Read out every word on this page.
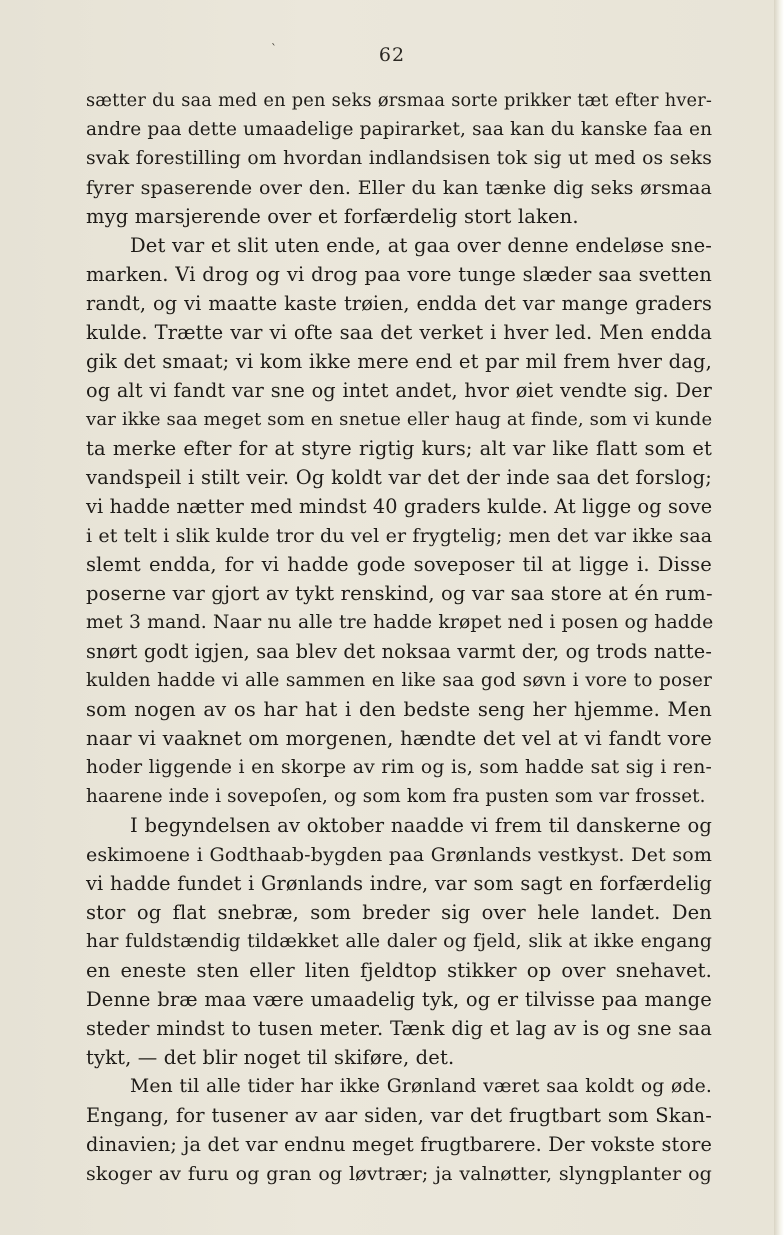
`	62
sætter du saa med en pen seks ørsmaa sorte prikker tæt efter hver-
andre paa dette umaadelige papirarket, saa kan du kanske faa en
svak forestilling om hvordan indlandsisen tok sig ut med os seks
fyrer spaserende over den. Eller du kan tænke dig seks ørsmaa
myg marsjerende over et forfærdelig stort laken.
Det var et slit uten ende, at gaa over denne endeløse sne-
marken. Vi drog og vi drog paa vore tunge slæder saa svetten
randt, og vi maatte kaste trøien, endda det var mange graders
kulde. Trætte var vi ofte saa det verket i hver led. Men endda
gik det smaat; vi kom ikke mere end et par mil frem hver dag,
og alt vi fandt var sne og intet andet, hvor øiet vendte sig. Der
var ikke saa meget som en snetue eller haug at finde, som vi kunde
ta merke efter for at styre rigtig kurs; alt var like flatt som et
vandspeil i stilt veir. Og koldt var det der inde saa det forslog;
vi hadde nætter med mindst 40 graders kulde. At ligge og sove
i et telt i slik kulde tror du vel er frygtelig; men det var ikke saa
slemt endda, for vi hadde gode soveposer til at ligge i. Disse
poserne var gjort av tykt renskind, og var saa store at én rum-
met 3 mand. Naar nu alle tre hadde krøpet ned i posen og hadde
snørt godt igjen, saa blev det noksaa varmt der, og trods natte-
kulden hadde vi alle sammen en like saa god søvn i vore to poser
som nogen av os har hat i den bedste seng her hjemme. Men
naar vi vaaknet om morgenen, hændte det vel at vi fandt vore
hoder liggende i en skorpe av rim og is, som hadde sat sig i ren-
haarene inde i sovepoſen, og som kom fra pusten som var frosset.
I begyndelsen av oktober naadde vi frem til danskerne og
eskimoene i Godthaab-bygden paa Grønlands vestkyst. Det som
vi hadde fundet i Grønlands indre, var som sagt en forfærdelig
stor og flat snebræ, som breder sig over hele landet. Den
har fuldstændig tildækket alle daler og fjeld, slik at ikke engang
en eneste sten eller liten fjeldtop stikker op over snehavet.
Denne bræ maa være umaadelig tyk, og er tilvisse paa mange
steder mindst to tusen meter. Tænk dig et lag av is og sne saa
tykt, — det blir noget til skiføre, det.
Men til alle tider har ikke Grønland været saa koldt og øde.
Engang, for tusener av aar siden, var det frugtbart som Skan-
dinavien; ja det var endnu meget frugtbarere. Der vokste store
skoger av furu og gran og løvtrær; ja valnøtter, slyngplanter og
